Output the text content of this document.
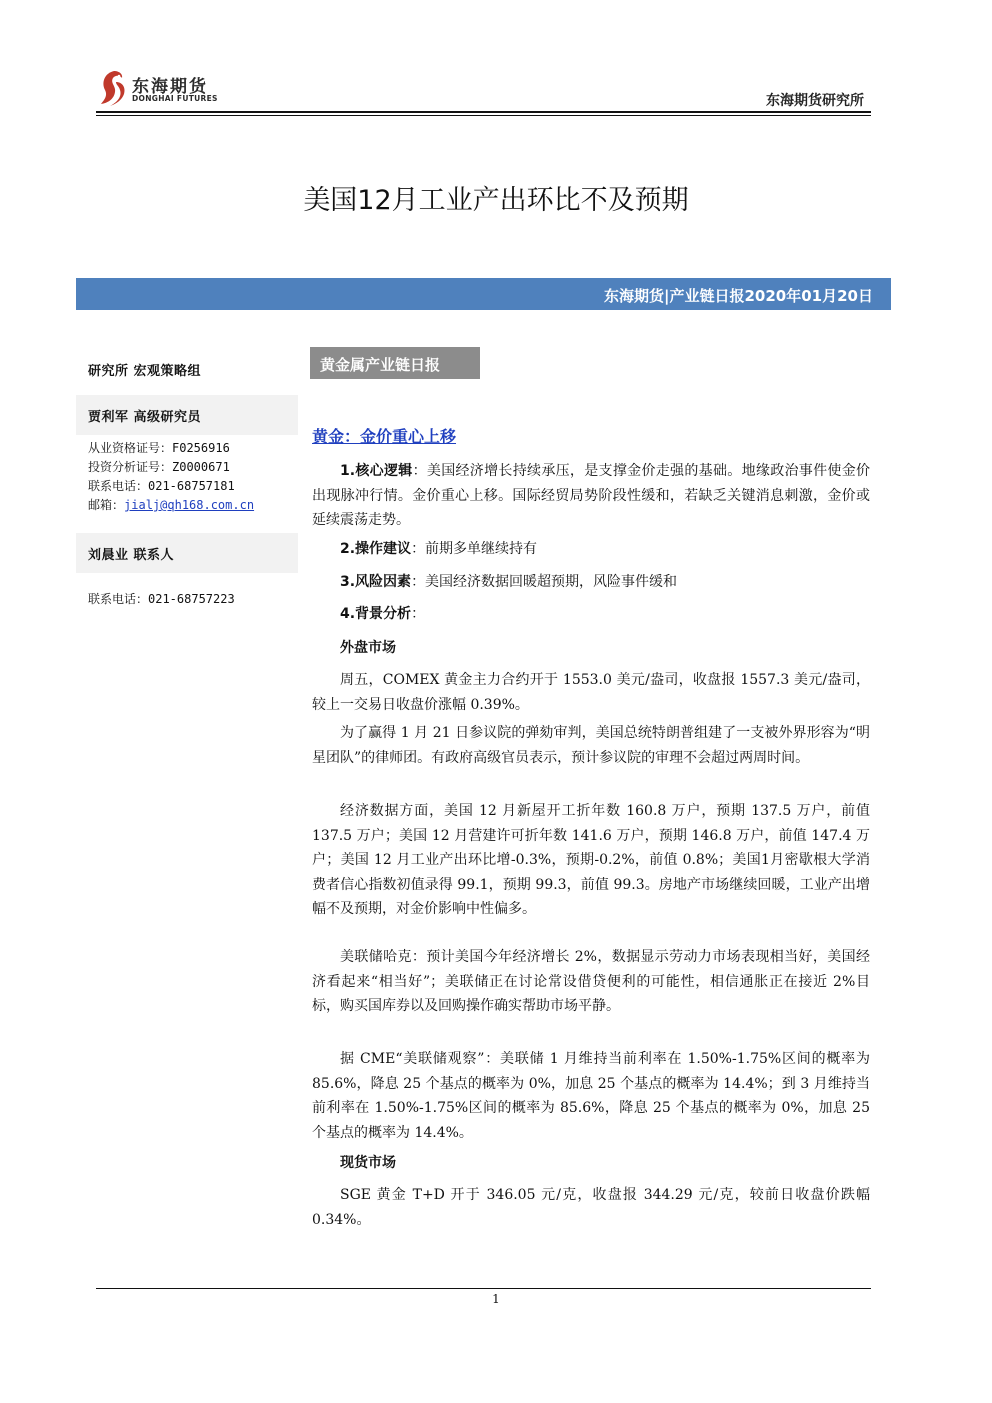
东海期货
DONGHAI FUTURES	东海期货研究所
美国12月工业产出环比不及预期
东海期货|产业链日报2020年01月20日
研究所 宏观策略组
贾利军 高级研究员
从业资格证号：F0256916
投资分析证号：Z0000671
联系电话：021-68757181
邮箱：jialj@qh168.com.cn
刘晨业 联系人
联系电话：021-68757223
黄金属产业链日报
黄金：金价重心上移
1.核心逻辑：美国经济增长持续承压，是支撑金价走强的基础。地缘政治事件使金价出现脉冲行情。金价重心上移。国际经贸局势阶段性缓和，若缺乏关键消息刺激，金价或延续震荡走势。
2.操作建议：前期多单继续持有
3.风险因素：美国经济数据回暖超预期，风险事件缓和
4.背景分析：
外盘市场
周五，COMEX 黄金主力合约开于 1553.0 美元/盎司，收盘报 1557.3 美元/盎司，较上一交易日收盘价涨幅 0.39%。
为了赢得 1 月 21 日参议院的弹劾审判，美国总统特朗普组建了一支被外界形容为“明星团队”的律师团。有政府高级官员表示，预计参议院的审理不会超过两周时间。
经济数据方面，美国 12 月新屋开工折年数 160.8 万户，预期 137.5 万户，前值 137.5 万户；美国 12 月营建许可折年数 141.6 万户，预期 146.8 万户，前值 147.4 万户；美国 12 月工业产出环比增-0.3%，预期-0.2%，前值 0.8%；美国1月密歇根大学消费者信心指数初值录得 99.1，预期 99.3，前值 99.3。房地产市场继续回暖，工业产出增幅不及预期，对金价影响中性偏多。
美联储哈克：预计美国今年经济增长 2%，数据显示劳动力市场表现相当好，美国经济看起来“相当好”；美联储正在讨论常设借贷便利的可能性，相信通胀正在接近 2%目标，购买国库券以及回购操作确实帮助市场平静。
据 CME“美联储观察”：美联储 1 月维持当前利率在 1.50%-1.75%区间的概率为 85.6%，降息 25 个基点的概率为 0%，加息 25 个基点的概率为 14.4%；到 3 月维持当前利率在 1.50%-1.75%区间的概率为 85.6%，降息 25 个基点的概率为 0%，加息 25 个基点的概率为 14.4%。
现货市场
SGE 黄金 T+D 开于 346.05 元/克，收盘报 344.29 元/克，较前日收盘价跌幅 0.34%。
1
